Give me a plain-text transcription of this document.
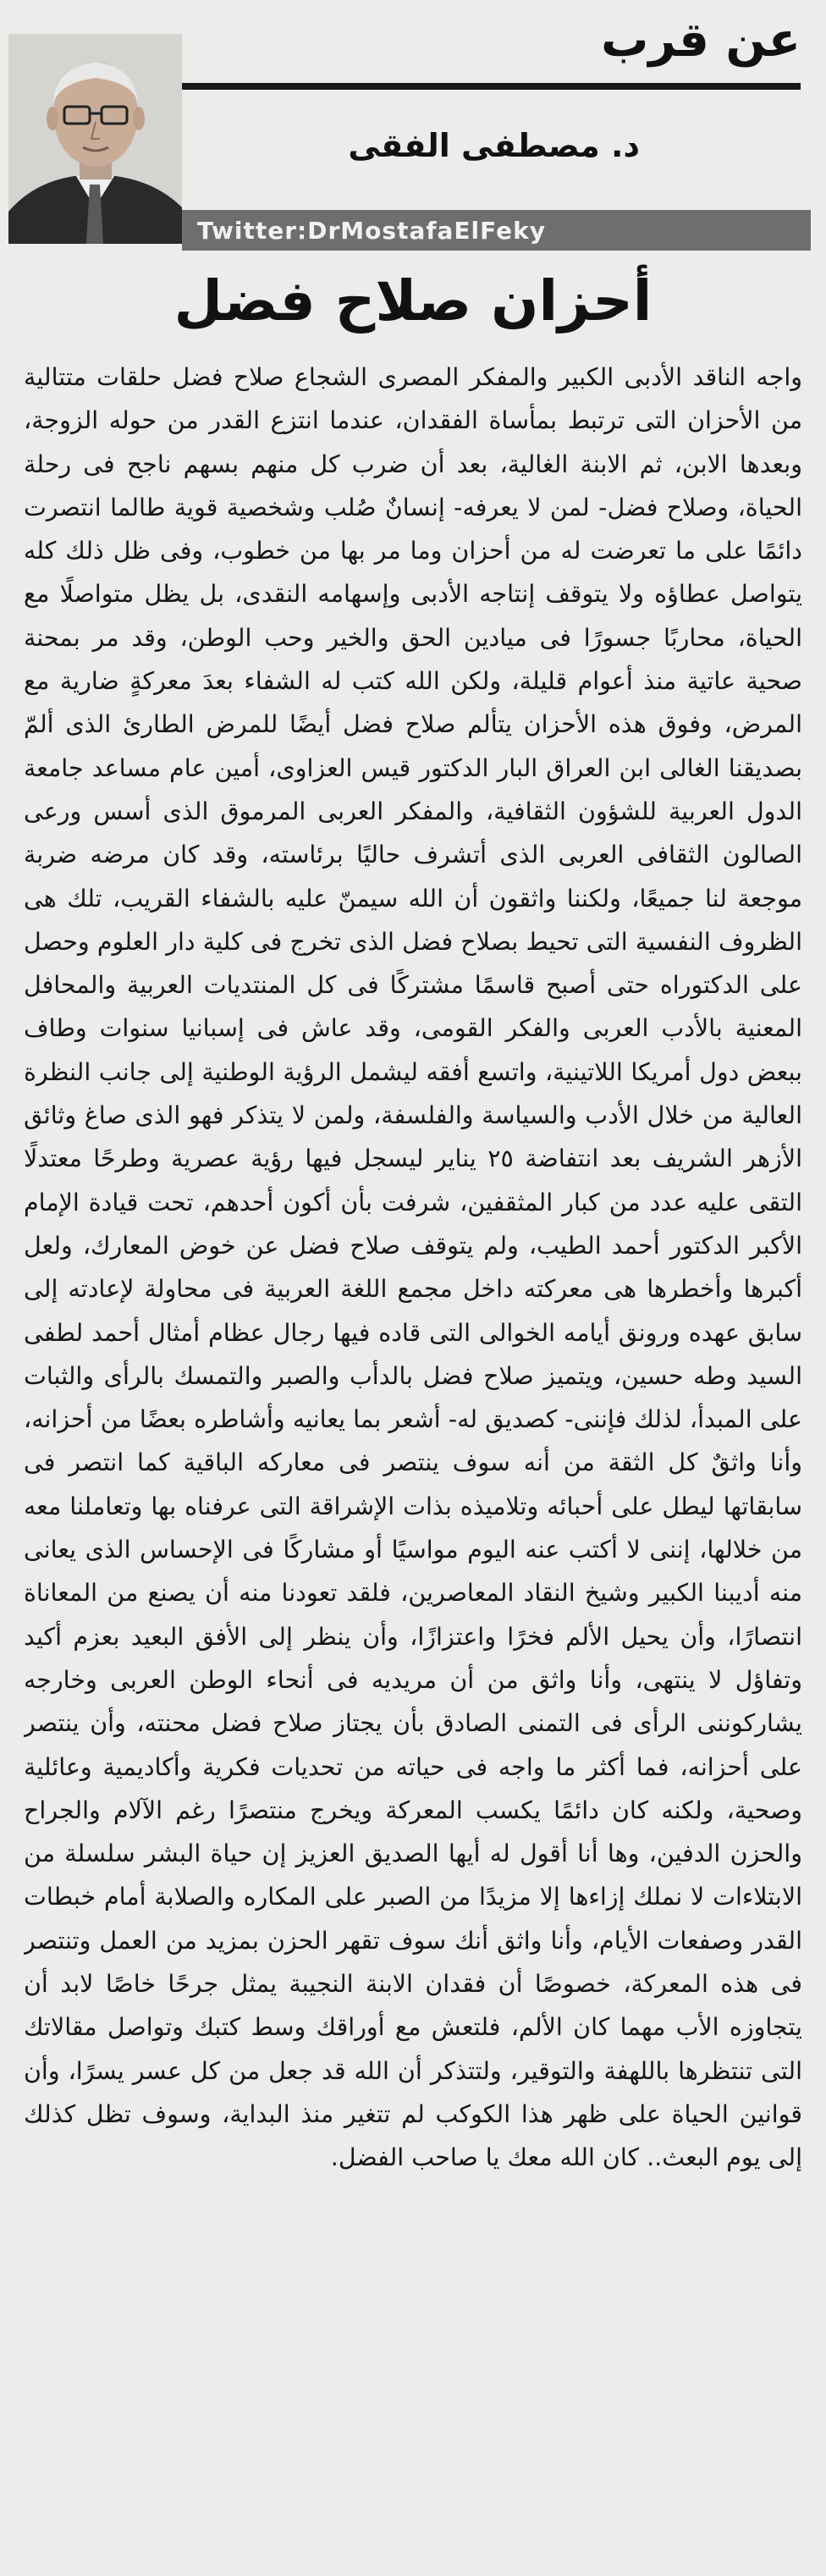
عن قرب
د. مصطفى الفقى
Twitter:DrMostafaElFeky
أحزان صلاح فضل

واجه الناقد الأدبى الكبير والمفكر المصرى الشجاع صلاح فضل حلقات متتالية من الأحزان التى ترتبط بمأساة الفقدان، عندما انتزع القدر من حوله الزوجة، وبعدها الابن، ثم الابنة الغالية، بعد أن ضرب كل منهم بسهم ناجح فى رحلة الحياة، وصلاح فضل- لمن لا يعرفه- إنسانٌ صُلب وشخصية قوية طالما انتصرت دائمًا على ما تعرضت له من أحزان وما مر بها من خطوب، وفى ظل ذلك كله يتواصل عطاؤه ولا يتوقف إنتاجه الأدبى وإسهامه النقدى، بل يظل متواصلًا مع الحياة، محاربًا جسورًا فى ميادين الحق والخير وحب الوطن، وقد مر بمحنة صحية عاتية منذ أعوام قليلة، ولكن الله كتب له الشفاء بعدَ معركةٍ ضارية مع المرض، وفوق هذه الأحزان يتألم صلاح فضل أيضًا للمرض الطارئ الذى ألمّ بصديقنا الغالى ابن العراق البار الدكتور قيس العزاوى، أمين عام مساعد جامعة الدول العربية للشؤون الثقافية، والمفكر العربى المرموق الذى أسس ورعى الصالون الثقافى العربى الذى أتشرف حاليًا برئاسته، وقد كان مرضه ضربة موجعة لنا جميعًا، ولكننا واثقون أن الله سيمنّ عليه بالشفاء القريب، تلك هى الظروف النفسية التى تحيط بصلاح فضل الذى تخرج فى كلية دار العلوم وحصل على الدكتوراه حتى أصبح قاسمًا مشتركًا فى كل المنتديات العربية والمحافل المعنية بالأدب العربى والفكر القومى، وقد عاش فى إسبانيا سنوات وطاف ببعض دول أمريكا اللاتينية، واتسع أفقه ليشمل الرؤية الوطنية إلى جانب النظرة العالية من خلال الأدب والسياسة والفلسفة، ولمن لا يتذكر فهو الذى صاغ وثائق الأزهر الشريف بعد انتفاضة ٢٥ يناير ليسجل فيها رؤية عصرية وطرحًا معتدلًا التقى عليه عدد من كبار المثقفين، شرفت بأن أكون أحدهم، تحت قيادة الإمام الأكبر الدكتور أحمد الطيب، ولم يتوقف صلاح فضل عن خوض المعارك، ولعل أكبرها وأخطرها هى معركته داخل مجمع اللغة العربية فى محاولة لإعادته إلى سابق عهده ورونق أيامه الخوالى التى قاده فيها رجال عظام أمثال أحمد لطفى السيد وطه حسين، ويتميز صلاح فضل بالدأب والصبر والتمسك بالرأى والثبات على المبدأ، لذلك فإننى- كصديق له- أشعر بما يعانيه وأشاطره بعضًا من أحزانه، وأنا واثقٌ كل الثقة من أنه سوف ينتصر فى معاركه الباقية كما انتصر فى سابقاتها ليطل على أحبائه وتلاميذه بذات الإشراقة التى عرفناه بها وتعاملنا معه من خلالها، إننى لا أكتب عنه اليوم مواسيًا أو مشاركًا فى الإحساس الذى يعانى منه أديبنا الكبير وشيخ النقاد المعاصرين، فلقد تعودنا منه أن يصنع من المعاناة انتصارًا، وأن يحيل الألم فخرًا واعتزازًا، وأن ينظر إلى الأفق البعيد بعزم أكيد وتفاؤل لا ينتهى، وأنا واثق من أن مريديه فى أنحاء الوطن العربى وخارجه يشاركوننى الرأى فى التمنى الصادق بأن يجتاز صلاح فضل محنته، وأن ينتصر على أحزانه، فما أكثر ما واجه فى حياته من تحديات فكرية وأكاديمية وعائلية وصحية، ولكنه كان دائمًا يكسب المعركة ويخرج منتصرًا رغم الآلام والجراح والحزن الدفين، وها أنا أقول له أيها الصديق العزيز إن حياة البشر سلسلة من الابتلاءات لا نملك إزاءها إلا مزيدًا من الصبر على المكاره والصلابة أمام خبطات القدر وصفعات الأيام، وأنا واثق أنك سوف تقهر الحزن بمزيد من العمل وتنتصر فى هذه المعركة، خصوصًا أن فقدان الابنة النجيبة يمثل جرحًا خاصًا لابد أن يتجاوزه الأب مهما كان الألم، فلتعش مع أوراقك وسط كتبك وتواصل مقالاتك التى تنتظرها باللهفة والتوقير، ولتتذكر أن الله قد جعل من كل عسر يسرًا، وأن قوانين الحياة على ظهر هذا الكوكب لم تتغير منذ البداية، وسوف تظل كذلك إلى يوم البعث.. كان الله معك يا صاحب الفضل.
